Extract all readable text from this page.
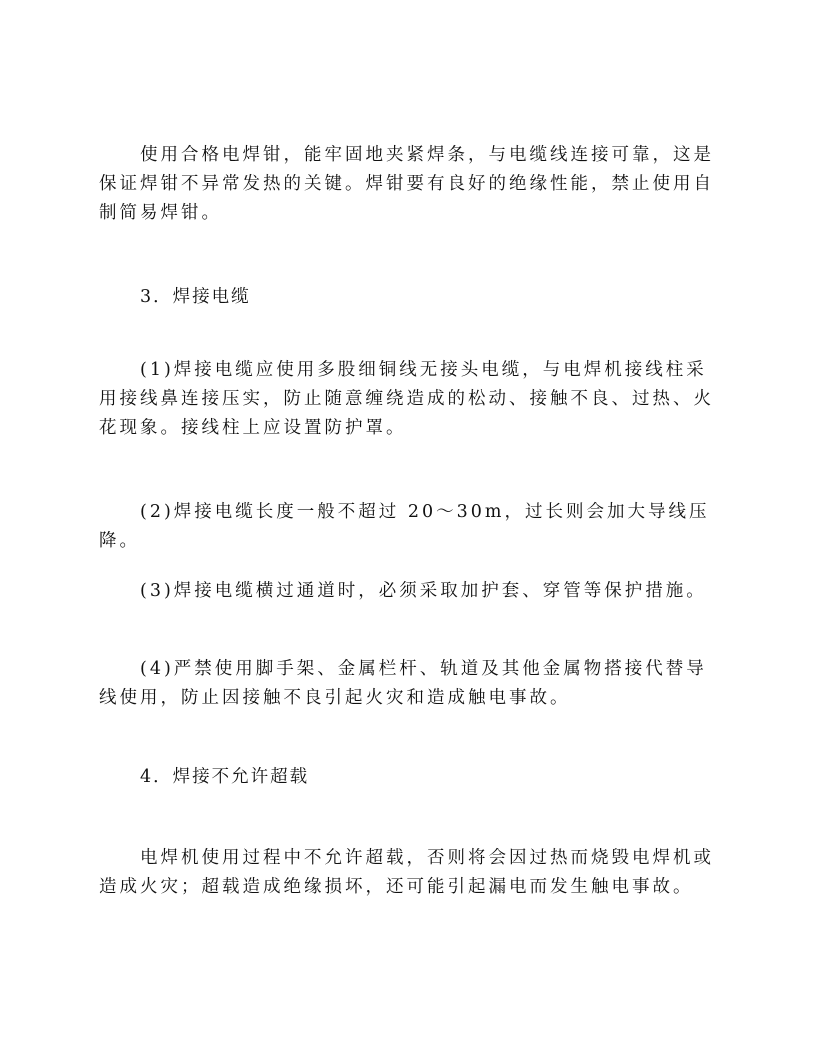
使用合格电焊钳，能牢固地夹紧焊条，与电缆线连接可靠，这是保证焊钳不异常发热的关键。焊钳要有良好的绝缘性能，禁止使用自制简易焊钳。

3．焊接电缆

(1)焊接电缆应使用多股细铜线无接头电缆，与电焊机接线柱采用接线鼻连接压实，防止随意缠绕造成的松动、接触不良、过热、火花现象。接线柱上应设置防护罩。

(2)焊接电缆长度一般不超过 20～30m，过长则会加大导线压降。

(3)焊接电缆横过通道时，必须采取加护套、穿管等保护措施。

(4)严禁使用脚手架、金属栏杆、轨道及其他金属物搭接代替导线使用，防止因接触不良引起火灾和造成触电事故。

4．焊接不允许超载

电焊机使用过程中不允许超载，否则将会因过热而烧毁电焊机或造成火灾；超载造成绝缘损坏，还可能引起漏电而发生触电事故。
